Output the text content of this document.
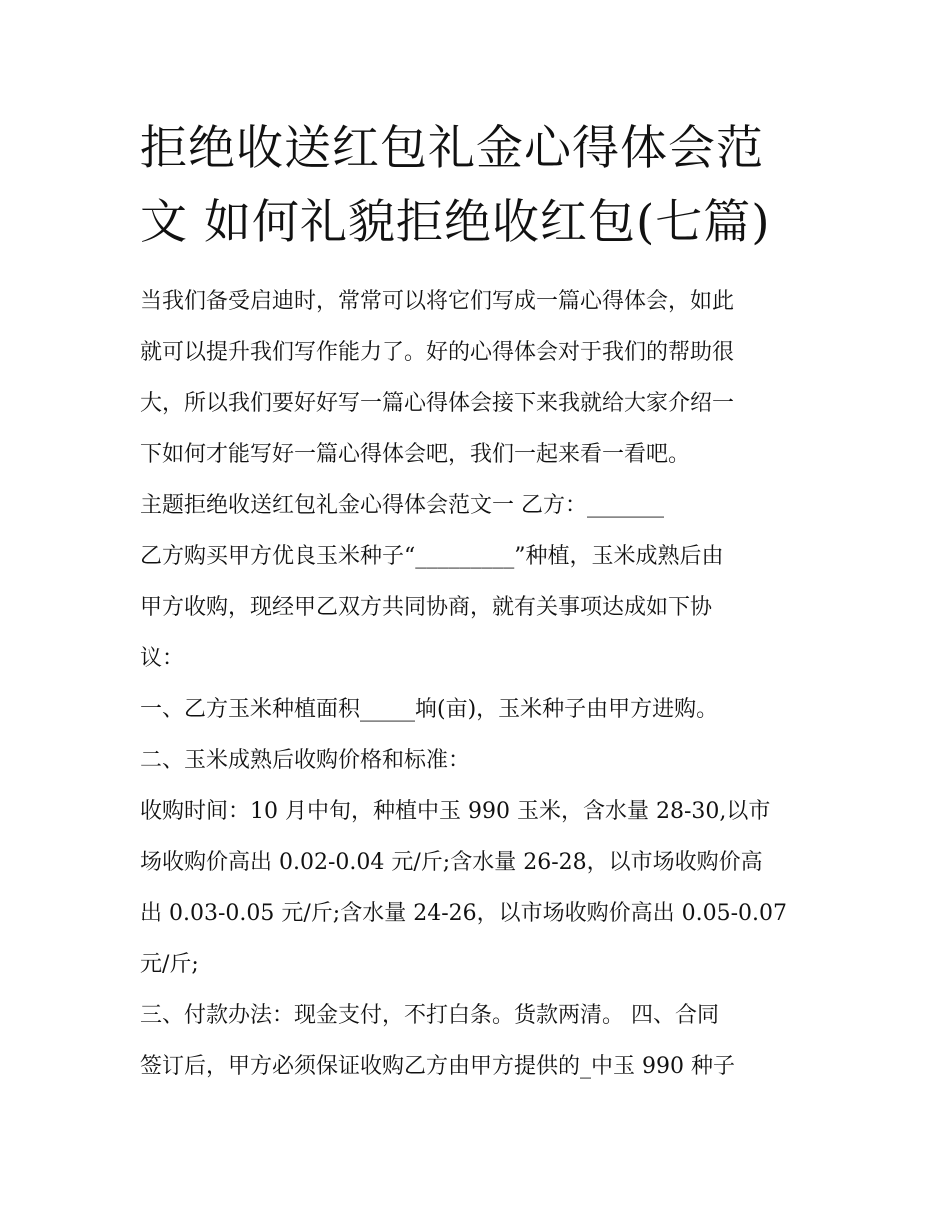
拒绝收送红包礼金心得体会范
文 如何礼貌拒绝收红包(七篇)
当我们备受启迪时，常常可以将它们写成一篇心得体会，如此
就可以提升我们写作能力了。好的心得体会对于我们的帮助很
大，所以我们要好好写一篇心得体会接下来我就给大家介绍一
下如何才能写好一篇心得体会吧，我们一起来看一看吧。
主题拒绝收送红包礼金心得体会范文一 乙方：_______
乙方购买甲方优良玉米种子“_________”种植，玉米成熟后由
甲方收购，现经甲乙双方共同协商，就有关事项达成如下协
议：
一、乙方玉米种植面积_____垧(亩)，玉米种子由甲方进购。
二、玉米成熟后收购价格和标准：
收购时间：10 月中旬，种植中玉 990 玉米，含水量 28-30,以市
场收购价高出 0.02-0.04 元/斤;含水量 26-28，以市场收购价高
出 0.03-0.05 元/斤;含水量 24-26，以市场收购价高出 0.05-0.07
元/斤;
三、付款办法：现金支付，不打白条。货款两清。 四、合同
签订后，甲方必须保证收购乙方由甲方提供的_中玉 990 种子
